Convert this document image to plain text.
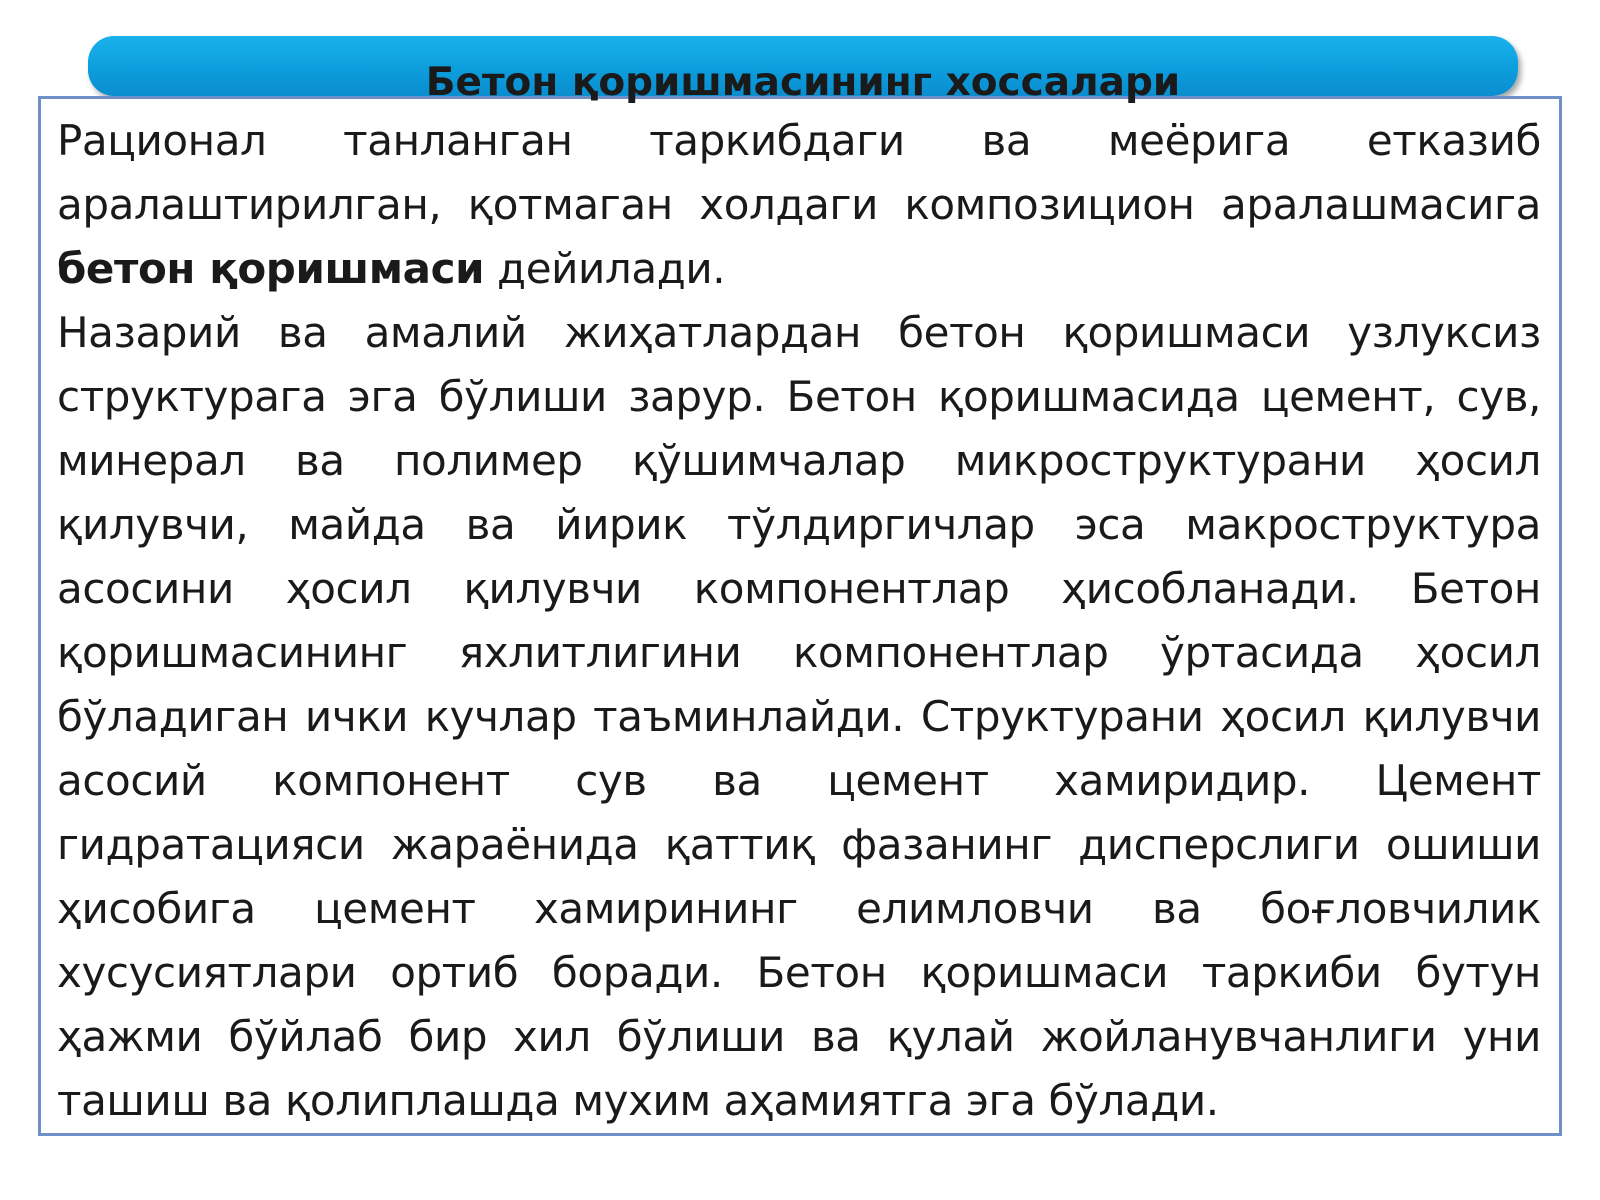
Бетон қоришмасининг хоссалари

Рационал танланган таркибдаги ва меёрига етказиб аралаштирилган, қотмаган холдаги композицион аралашмасига бетон қоришмаси дейилади.

Назарий ва амалий жиҳатлардан бетон қоришмаси узлуксиз структурага эга бўлиши зарур. Бетон қоришмасида цемент, сув, минерал ва полимер қўшимчалар микроструктурани ҳосил қилувчи, майда ва йирик тўлдиргичлар эса макроструктура асосини ҳосил қилувчи компонентлар ҳисобланади. Бетон қоришмасининг яхлитлигини компонентлар ўртасида ҳосил бўладиган ички кучлар таъминлайди. Структурани ҳосил қилувчи асосий компонент сув ва цемент хамиридир. Цемент гидратацияси жараёнида қаттиқ фазанинг дисперслиги ошиши ҳисобига цемент хамирининг елимловчи ва боғловчилик хусусиятлари ортиб боради. Бетон қоришмаси таркиби бутун ҳажми бўйлаб бир хил бўлиши ва қулай жойланувчанлиги уни ташиш ва қолиплашда мухим аҳамиятга эга бўлади.
